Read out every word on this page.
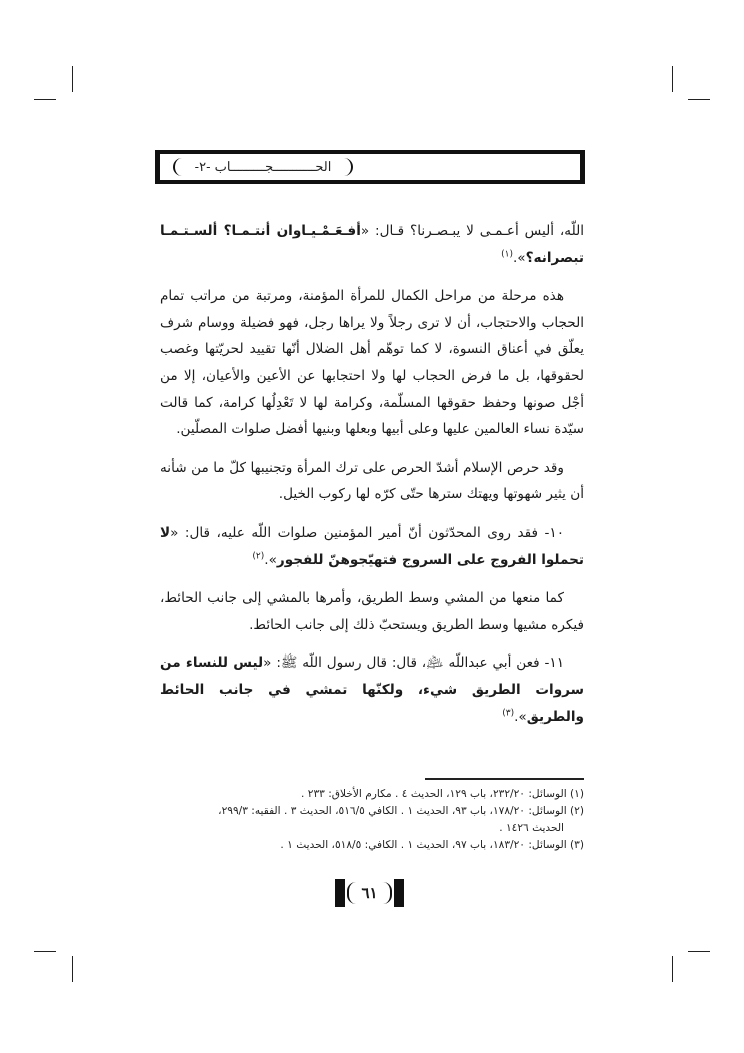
الحـــــــــــجـــــــــاب -٢-

اللّه، أليس أعـمـى لا يبـصـرنا؟ قـال: «أفـعَـمْـيـاوان أنتـمـا؟ ألسـتـمـا تبصرانه؟».$^{(١)}$

هذه مرحلة من مراحل الكمال للمرأة المؤمنة، ومرتبة من مراتب تمام الحجاب والاحتجاب، أن لا ترى رجلاً ولا يراها رجل، فهو فضيلة ووسام شرف يعلّق في أعناق النسوة، لا كما توهّم أهل الضلال أنّها تقييد لحريّتها وغصب لحقوقها، بل ما فرض الحجاب لها ولا احتجابها عن الأعين والأعيان، إلا من أجْل صونها وحفظ حقوقها المسلّمة، وكرامة لها لا تَعْدِلُها كرامة، كما قالت سيّدة نساء العالمين عليها وعلى أبيها وبعلها وبنيها أفضل صلوات المصلّين.

وقد حرص الإسلام أشدّ الحرص على ترك المرأة وتجنيبها كلّ ما من شأنه أن يثير شهوتها ويهتك سترها حتّى كرّه لها ركوب الخيل.

١٠- فقد روى المحدّثون أنّ أمير المؤمنين صلوات اللّه عليه، قال: «لا تحملوا الفروج على السروج فتهيّجوهنّ للفجور».$^{(٢)}$

كما منعها من المشي وسط الطريق، وأمرها بالمشي إلى جانب الحائط، فيكره مشيها وسط الطريق ويستحبّ ذلك إلى جانب الحائط.

١١- فعن أبي عبداللّه ﵇، قال: قال رسول اللّه ﷺ: «ليس للنساء من سروات الطريق شيء، ولكنّها تمشي في جانب الحائط والطريق».$^{(٣)}$

(١) الوسائل: ٢٣٢/٢٠، باب ١٢٩، الحديث ٤ . مكارم الأخلاق: ٢٣٣ .

(٢) الوسائل: ١٧٨/٢٠، باب ٩٣، الحديث ١ . الكافي ٥١٦/٥، الحديث ٣ . الفقيه: ٢٩٩/٣،

الحديث ١٤٢٦ .

(٣) الوسائل: ١٨٣/٢٠، باب ٩٧، الحديث ١ . الكافي: ٥١٨/٥، الحديث ١ .

٦١
